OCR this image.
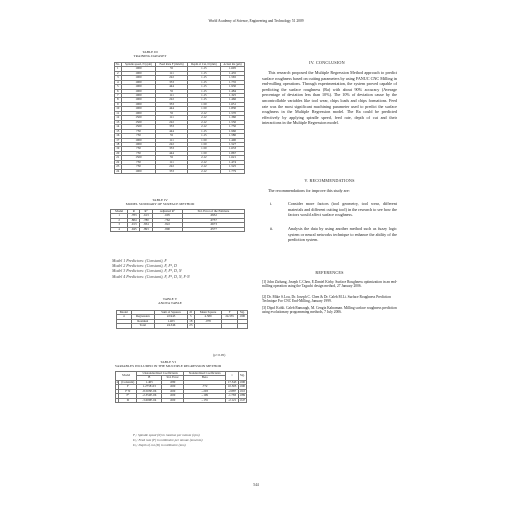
World Academy of Science, Engineering and Technology 51 2009
TABLE III
TRAINING DATASET
No.	Spindle speed, N (rpm)	Feed Rate F (mm/m)	Depth of Cut, D (mm)	Actual Ra (µm)
1	1000	55	1.15	1.605
2	1000	111	1.15	1.435
3	1000	222	1.15	1.565
4	1000	333	1.15	1.735
5	1000	444	1.15	1.930
6	1000	55	1.15	1.484
7	1000	111	1.15	1.325
8	1000	222	1.15	1.466
9	1000	333	1.50	1.651
10	1000	444	1.50	1.830
11	1000	55	2.12	1.570
12	1500	111	2.12	1.360
13	1500	222	2.12	1.550
14	1500	333	2.12	1.750
15	750	444	1.15	1.960
16	750	55	1.15	1.580
17	1000	111	1.50	1.490
18	1000	222	1.50	1.527
19	750	333	1.50	1.633
20	750	444	1.50	1.867
21	1500	55	2.12	1.621
22	750	111	2.12	1.474
23	750	222	2.12	1.525
24	1000	333	2.12	1.779
TABLE IV
MODEL SUMMARY OF SURFACE METHOD
Model	R	R²	Adjusted R²	Std. Error of the Estimate
1	.783	.613	.605	.0952
2	.884	.780	.762	.0757
3	.913	.834	.822	.0673
4	.945	.893	.890	.0577
Model 1 Predictors: (Constant), F
Model 2 Predictors: (Constant), F, F², D
Model 3 Predictors: (Constant), F, F², D, N
Model 4 Predictors: (Constant), F, F², D, N, F·N
TABLE V
ANOVA TABLE
Model		Sum of Squares	df	Mean Square	F	Sig.
4	Regression	22.943	5	4.589	24.335	.000
	Residual	1.403	18	.078		
	Total	24.346	23			
(p< 0.05)
TABLE VI
VARIABLES INCLUDED IN THE MULTIPLE REGRESSION METHOD
Model		Unstandardized Coefficients		Standardized Coefficients	t	Sig.
		B	Std. Error	Beta		
4	(Constant)	1.405	.080		17.543	.000
	F	1.275E-03	.000	.772	10.305	.000
	F·N	-8.503E-06	.000	-.203	-2.887	.010
	F²	-2.352E-06	.000	-.199	-1.783	.089
	D	-3.600E-04	.000	-.155	-2.121	.047
F₁: Spindle speed (N) in rotation per minute (rpm)
D₂: Feed rate (F) in millimetre per minute (mm/min)
D₃: Depth of cut (D) in millimetre (mm)
IV. CONCLUSION
This research proposed the Multiple Regression Method approach to predict surface roughness based on cutting parameters by using FANUC CNC Milling in end-milling operations. Through experimentation, the system proved capable of predicting the surface roughness (Ra) with about 90% accuracy (Average percentage of deviation less than 10%). The 10% of deviation cause by the uncontrollable variables like tool wear, chips loads and chips formations. Feed rate was the most significant machining parameter used to predict the surface roughness in the Multiple Regression model. The Ra could be predicted effectively by applying spindle speed, feed rate, depth of cut and their interactions in the Multiple Regression model.
V. RECOMMENDATIONS
The recommendations for improve this study are:
i.	Consider more factors (tool geometry, tool wear, different materials and different cutting tool) in the research to see how the factors would affect surface roughness.
ii.	Analysis the data by using another method such as fuzzy logic system or neural networks technique to enhance the ability of the prediction system.
REFERENCES
[1] John Zizhang, Joseph C.Chen, E.Daniel Kirby. Surface Roughness optimization in an end-milling operation using the Taguchi design method, 27 January 2006.
[2] Dr. Mike S.Lou, Dr. Joseph C. Chen & Dr. Caleb M.Li. Surface Roughness Prediction Technique For CNC End-Milling, January 1999.
[3] Dipol Kohli. Caleb Ramaugh, M. Cengiz Kahraman. Milling surface roughness prediction using evolutionary programming methods, 7 July 2006.
544
